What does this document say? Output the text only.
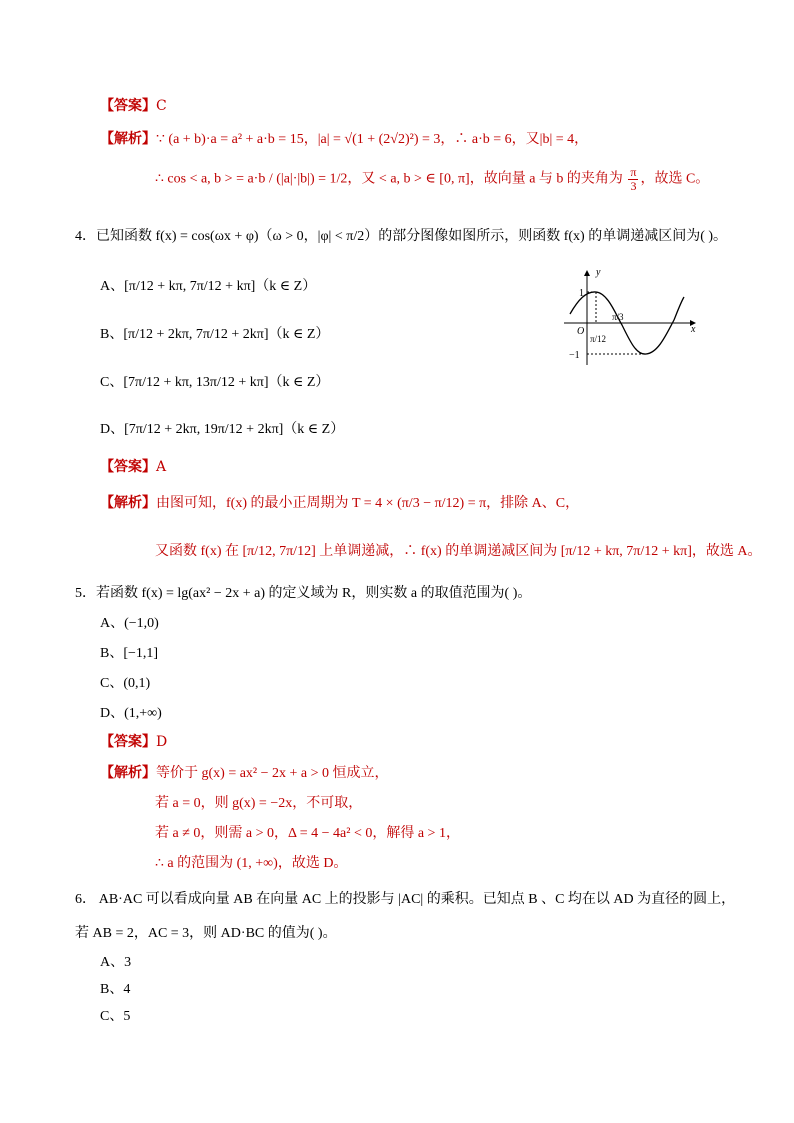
【答案】C
【解析】∵ (a + b)·a = a² + a·b = 15，|a| = √(1 + (2√2)²) = 3，∴ a·b = 6，又|b| = 4，
∴ cos < a, b > = a·b / (|a|·|b|) = 1/2，又 < a, b > ∈ [0, π]，故向量 a 与 b 的夹角为 $\frac{\pi}{3}$ ，故选 C。
4．已知函数 f(x) = cos(ωx + φ)（ω > 0，|φ| < π/2）的部分图像如图所示，则函数 f(x) 的单调递减区间为( )。
A、[π/12 + kπ, 7π/12 + kπ]（k ∈ Z）
B、[π/12 + 2kπ, 7π/12 + 2kπ]（k ∈ Z）
C、[7π/12 + kπ, 13π/12 + kπ]（k ∈ Z）
D、[7π/12 + 2kπ, 19π/12 + 2kπ]（k ∈ Z）
y
x
1
−1
O
π/3
π/12
【答案】A
【解析】由图可知，f(x) 的最小正周期为 T = 4 × (π/3 − π/12) = π，排除 A、C，
又函数 f(x) 在 [π/12, 7π/12] 上单调递减，∴ f(x) 的单调递减区间为 [π/12 + kπ, 7π/12 + kπ]，故选 A。
5．若函数 f(x) = lg(ax² − 2x + a) 的定义域为 R，则实数 a 的取值范围为( )。
A、(−1,0)
B、[−1,1]
C、(0,1)
D、(1,+∞)
【答案】D
【解析】等价于 g(x) = ax² − 2x + a > 0 恒成立，
若 a = 0，则 g(x) = −2x，不可取，
若 a ≠ 0，则需 a > 0，Δ = 4 − 4a² < 0，解得 a > 1，
∴ a 的范围为 (1, +∞)，故选 D。
6． AB·AC 可以看成向量 AB 在向量 AC 上的投影与 |AC| 的乘积。已知点 B 、C 均在以 AD 为直径的圆上，
若 AB = 2，AC = 3，则 AD·BC 的值为( )。
A、3
B、4
C、5
